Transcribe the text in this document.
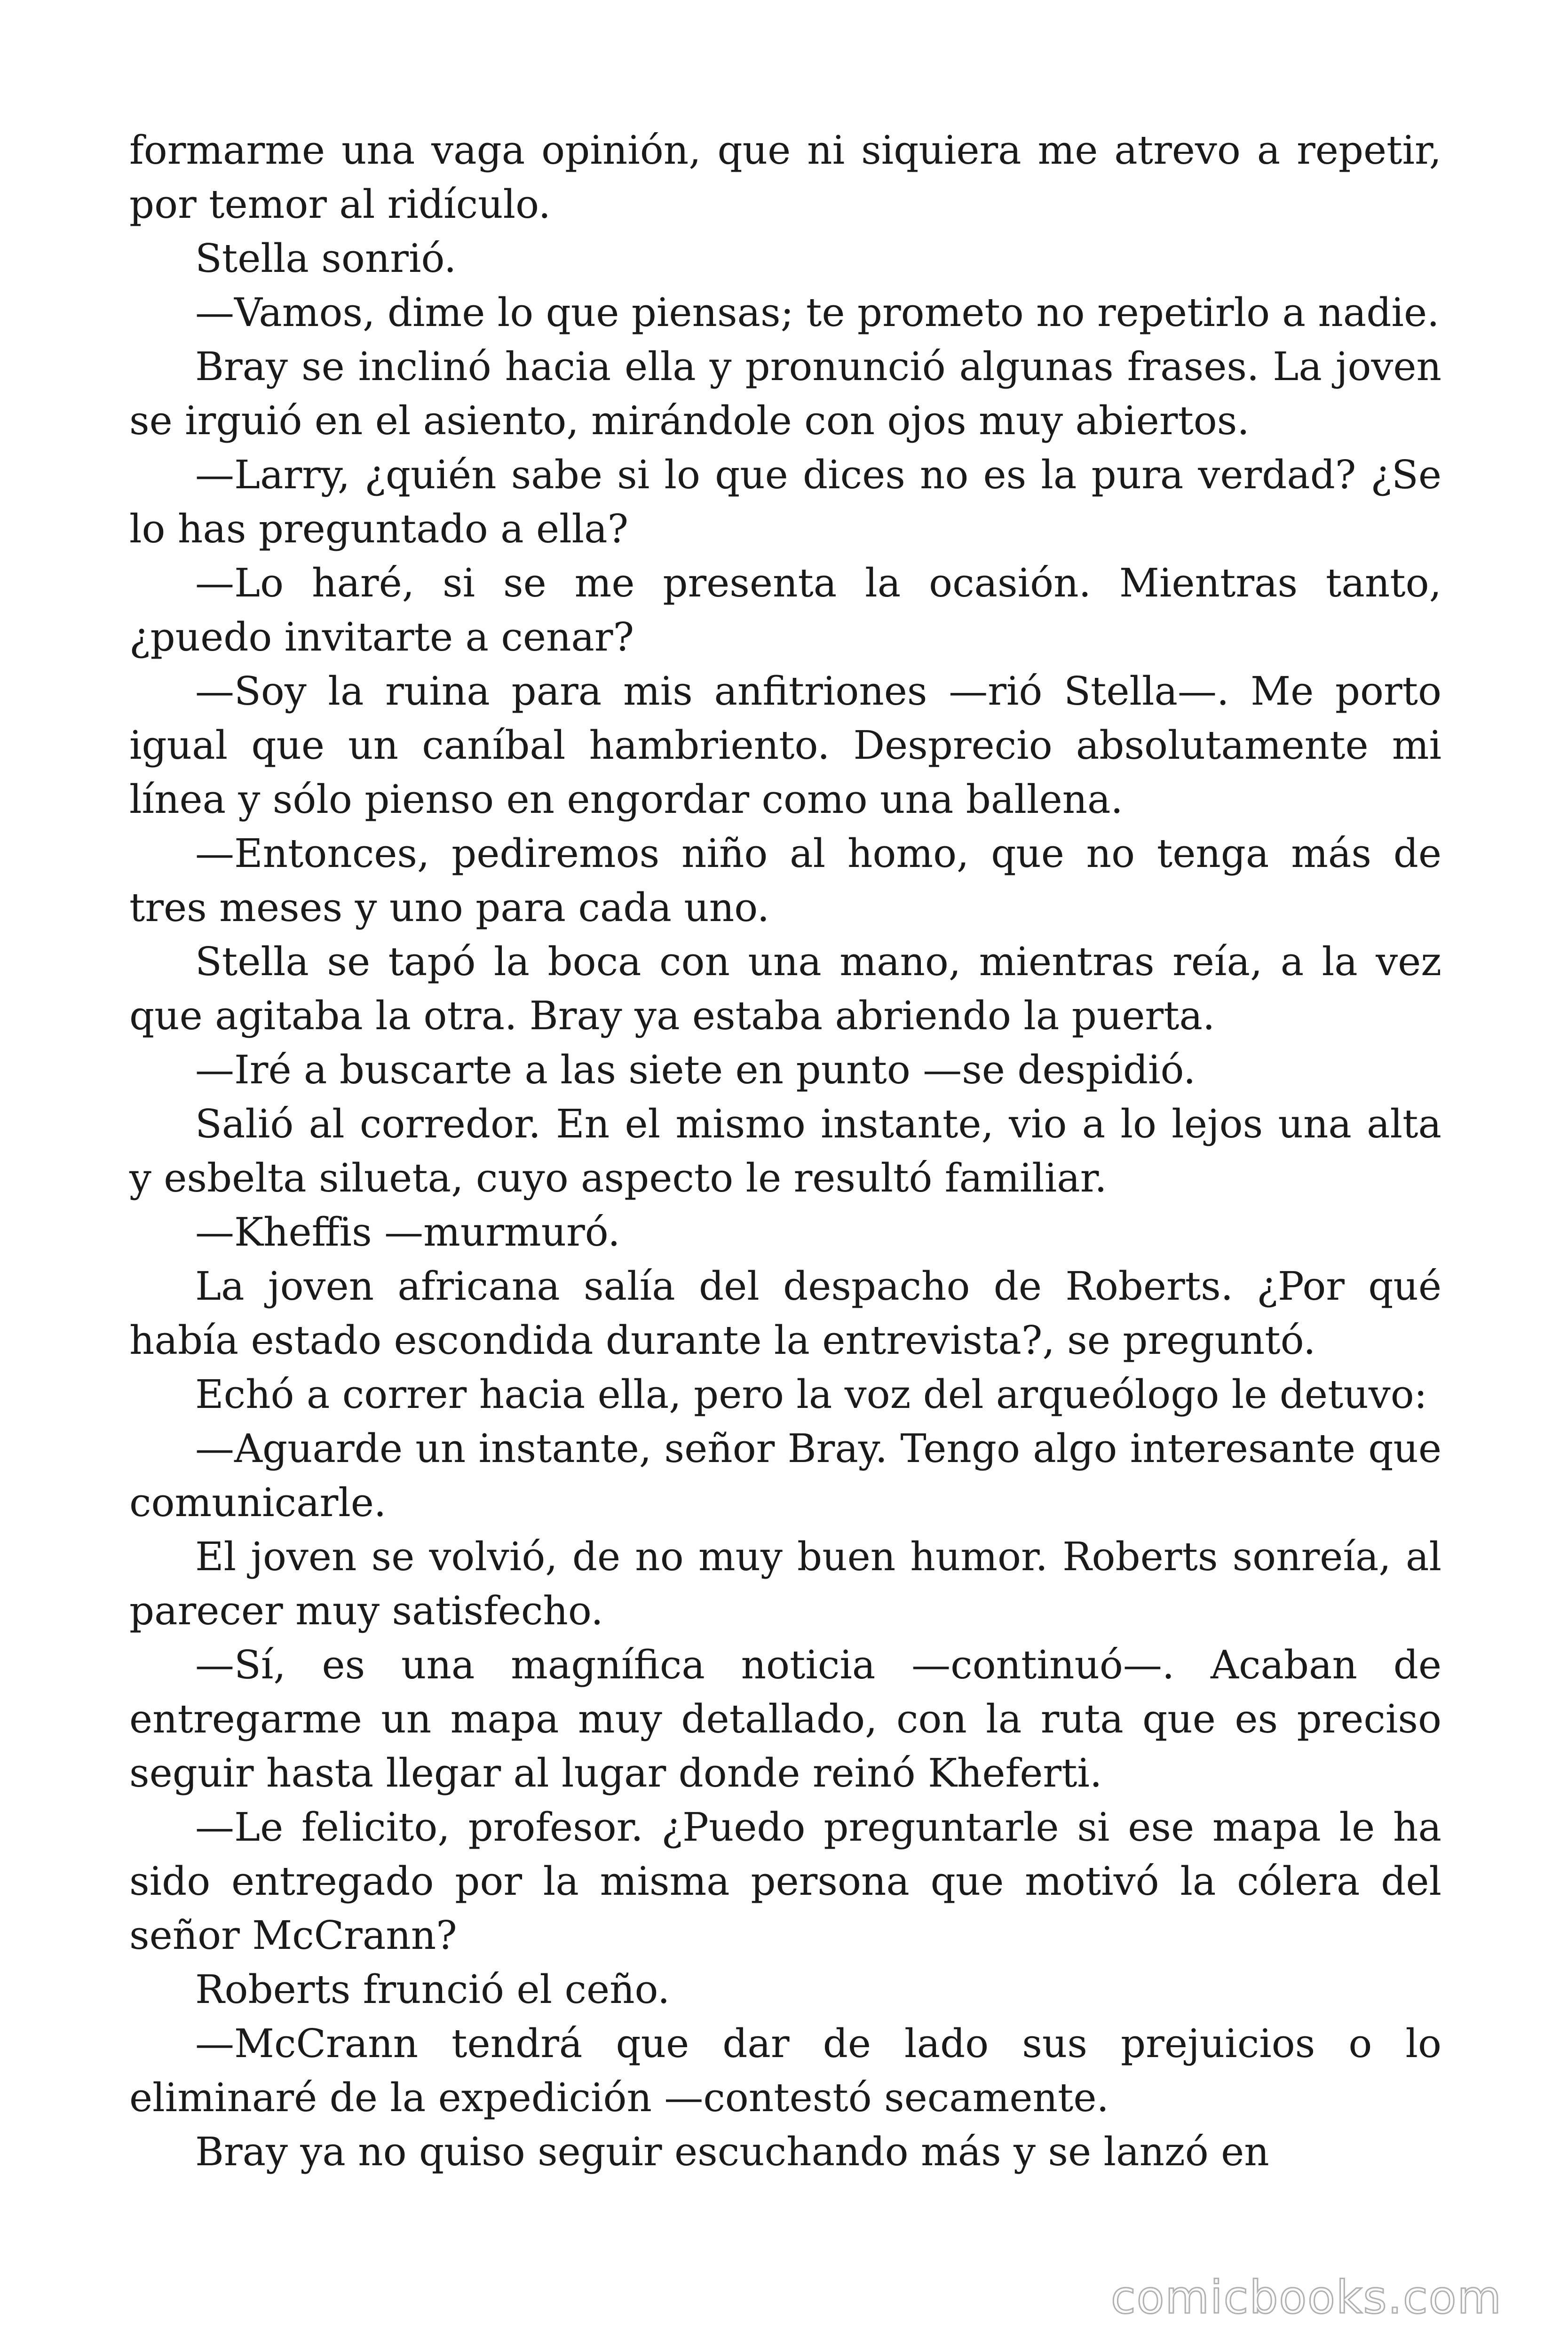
formarme una vaga opinión, que ni siquiera me atrevo a repetir, por temor al ridículo.

Stella sonrió.

—Vamos, dime lo que piensas; te prometo no repetirlo a nadie.

Bray se inclinó hacia ella y pronunció algunas frases. La joven se irguió en el asiento, mirándole con ojos muy abiertos.

—Larry, ¿quién sabe si lo que dices no es la pura verdad? ¿Se lo has preguntado a ella?

—Lo haré, si se me presenta la ocasión. Mientras tanto, ¿puedo invitarte a cenar?

—Soy la ruina para mis anfitriones —rió Stella—. Me porto igual que un caníbal hambriento. Desprecio absolutamente mi línea y sólo pienso en engordar como una ballena.

—Entonces, pediremos niño al homo, que no tenga más de tres meses y uno para cada uno.

Stella se tapó la boca con una mano, mientras reía, a la vez que agitaba la otra. Bray ya estaba abriendo la puerta.

—Iré a buscarte a las siete en punto —se despidió.

Salió al corredor. En el mismo instante, vio a lo lejos una alta y esbelta silueta, cuyo aspecto le resultó familiar.

—Kheffis —murmuró.

La joven africana salía del despacho de Roberts. ¿Por qué había estado escondida durante la entrevista?, se preguntó.

Echó a correr hacia ella, pero la voz del arqueólogo le detuvo:

—Aguarde un instante, señor Bray. Tengo algo interesante que comunicarle.

El joven se volvió, de no muy buen humor. Roberts sonreía, al parecer muy satisfecho.

—Sí, es una magnífica noticia —continuó—. Acaban de entregarme un mapa muy detallado, con la ruta que es preciso seguir hasta llegar al lugar donde reinó Kheferti.

—Le felicito, profesor. ¿Puedo preguntarle si ese mapa le ha sido entregado por la misma persona que motivó la cólera del señor McCrann?

Roberts frunció el ceño.

—McCrann tendrá que dar de lado sus prejuicios o lo eliminaré de la expedición —contestó secamente.

Bray ya no quiso seguir escuchando más y se lanzó en

comicbooks.com
